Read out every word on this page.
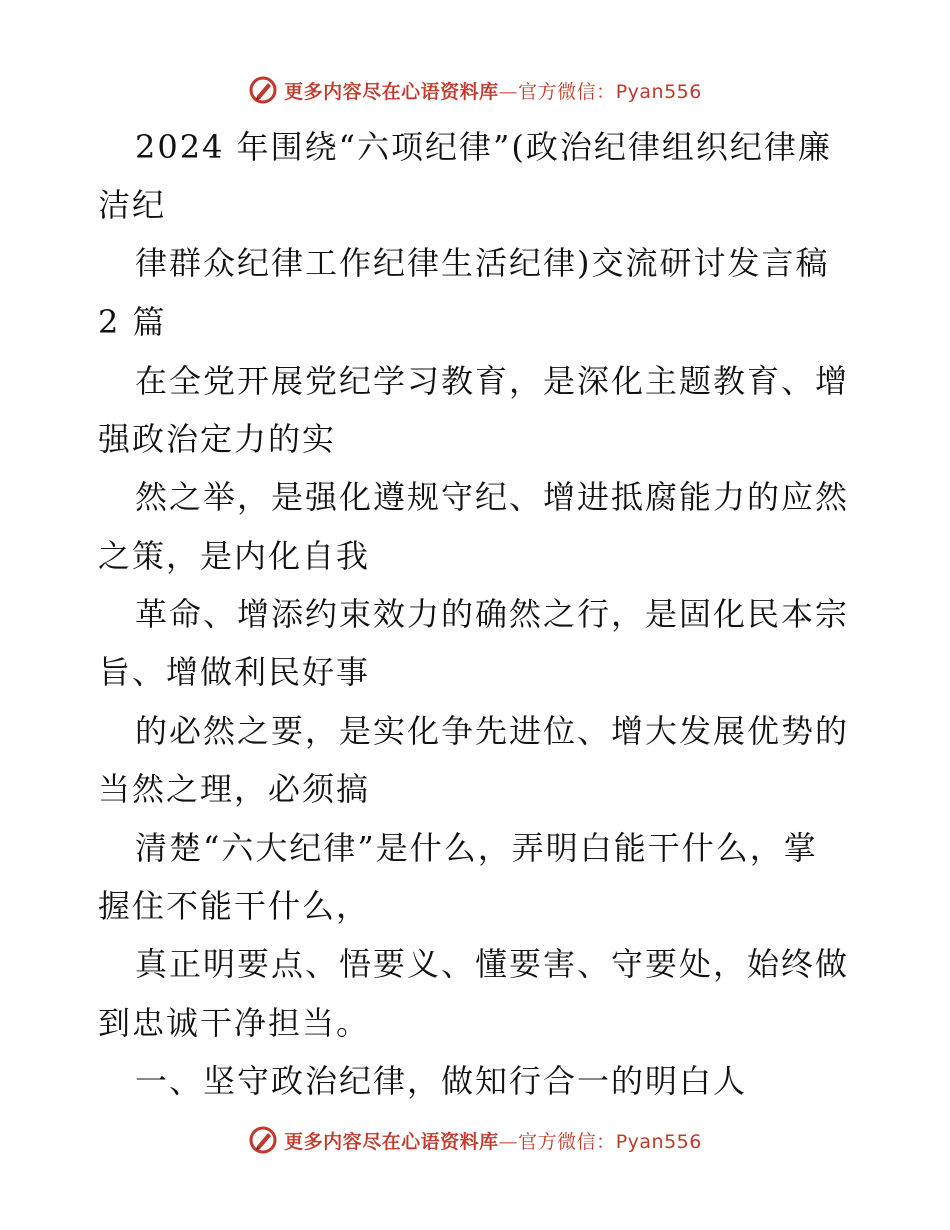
更多内容尽在心语资料库—官方微信：Pyan556
2024 年围绕“六项纪律”(政治纪律组织纪律廉
洁纪
律群众纪律工作纪律生活纪律)交流研讨发言稿
2 篇
在全党开展党纪学习教育，是深化主题教育、增
强政治定力的实
然之举，是强化遵规守纪、增进抵腐能力的应然
之策，是内化自我
革命、增添约束效力的确然之行，是固化民本宗
旨、增做利民好事
的必然之要，是实化争先进位、增大发展优势的
当然之理，必须搞
清楚“六大纪律”是什么，弄明白能干什么，掌
握住不能干什么，
真正明要点、悟要义、懂要害、守要处，始终做
到忠诚干净担当。
一、坚守政治纪律，做知行合一的明白人
更多内容尽在心语资料库—官方微信：Pyan556
